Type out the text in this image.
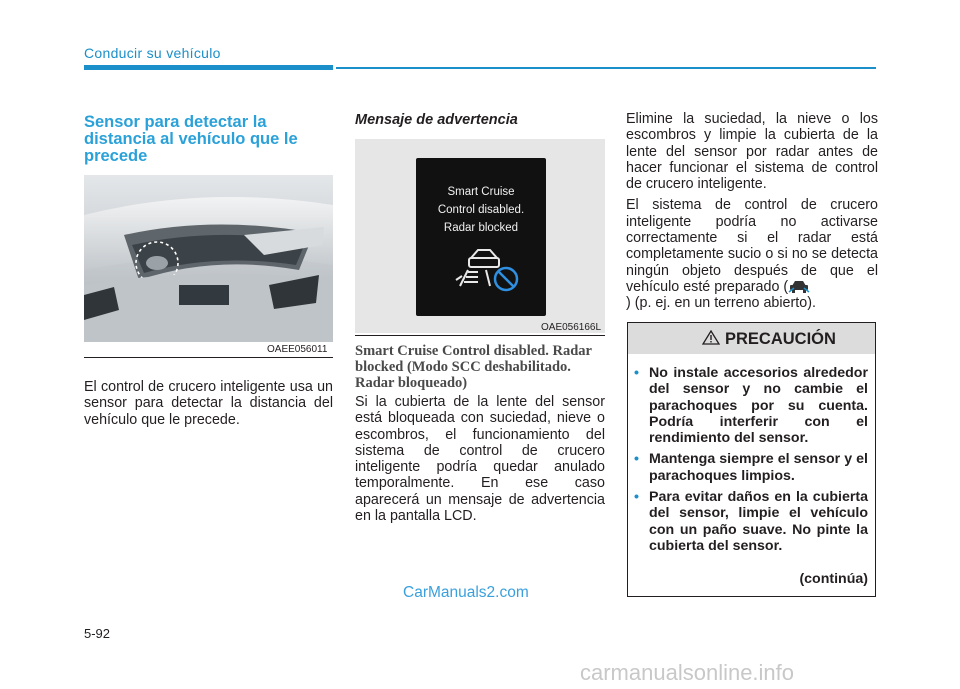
Conducir su vehículo
Sensor para detectar la distancia al vehículo que le precede
OAEE056011
El control de crucero inteligente usa un sensor para detectar la distancia del vehículo que le precede.
Mensaje de advertencia
Smart Cruise
Control disabled.
Radar blocked
OAE056166L
Smart Cruise Control disabled. Radar blocked (Modo SCC deshabilitado. Radar bloqueado)
Si la cubierta de la lente del sensor está bloqueada con suciedad, nieve o escombros, el funcionamiento del sistema de control de crucero inteligente podría quedar anulado temporalmente. En ese caso aparecerá un mensaje de advertencia en la pantalla LCD.

Elimine la suciedad, la nieve o los escombros y limpie la cubierta de la lente del sensor por radar antes de hacer funcionar el sistema de control de crucero inteligente.

El sistema de control de crucero inteligente podría no activarse correctamente si el radar está completamente sucio o si no se detecta ningún objeto después de que el vehículo esté preparado (
) (p. ej. en un terreno abierto).

PRECAUCIÓN
• No instale accesorios alrededor del sensor y no cambie el parachoques por su cuenta. Podría interferir con el rendimiento del sensor.
• Mantenga siempre el sensor y el parachoques limpios.
• Para evitar daños en la cubierta del sensor, limpie el vehículo con un paño suave. No pinte la cubierta del sensor.
(continúa)
CarManuals2.com
5-92
carmanualsonline.info
